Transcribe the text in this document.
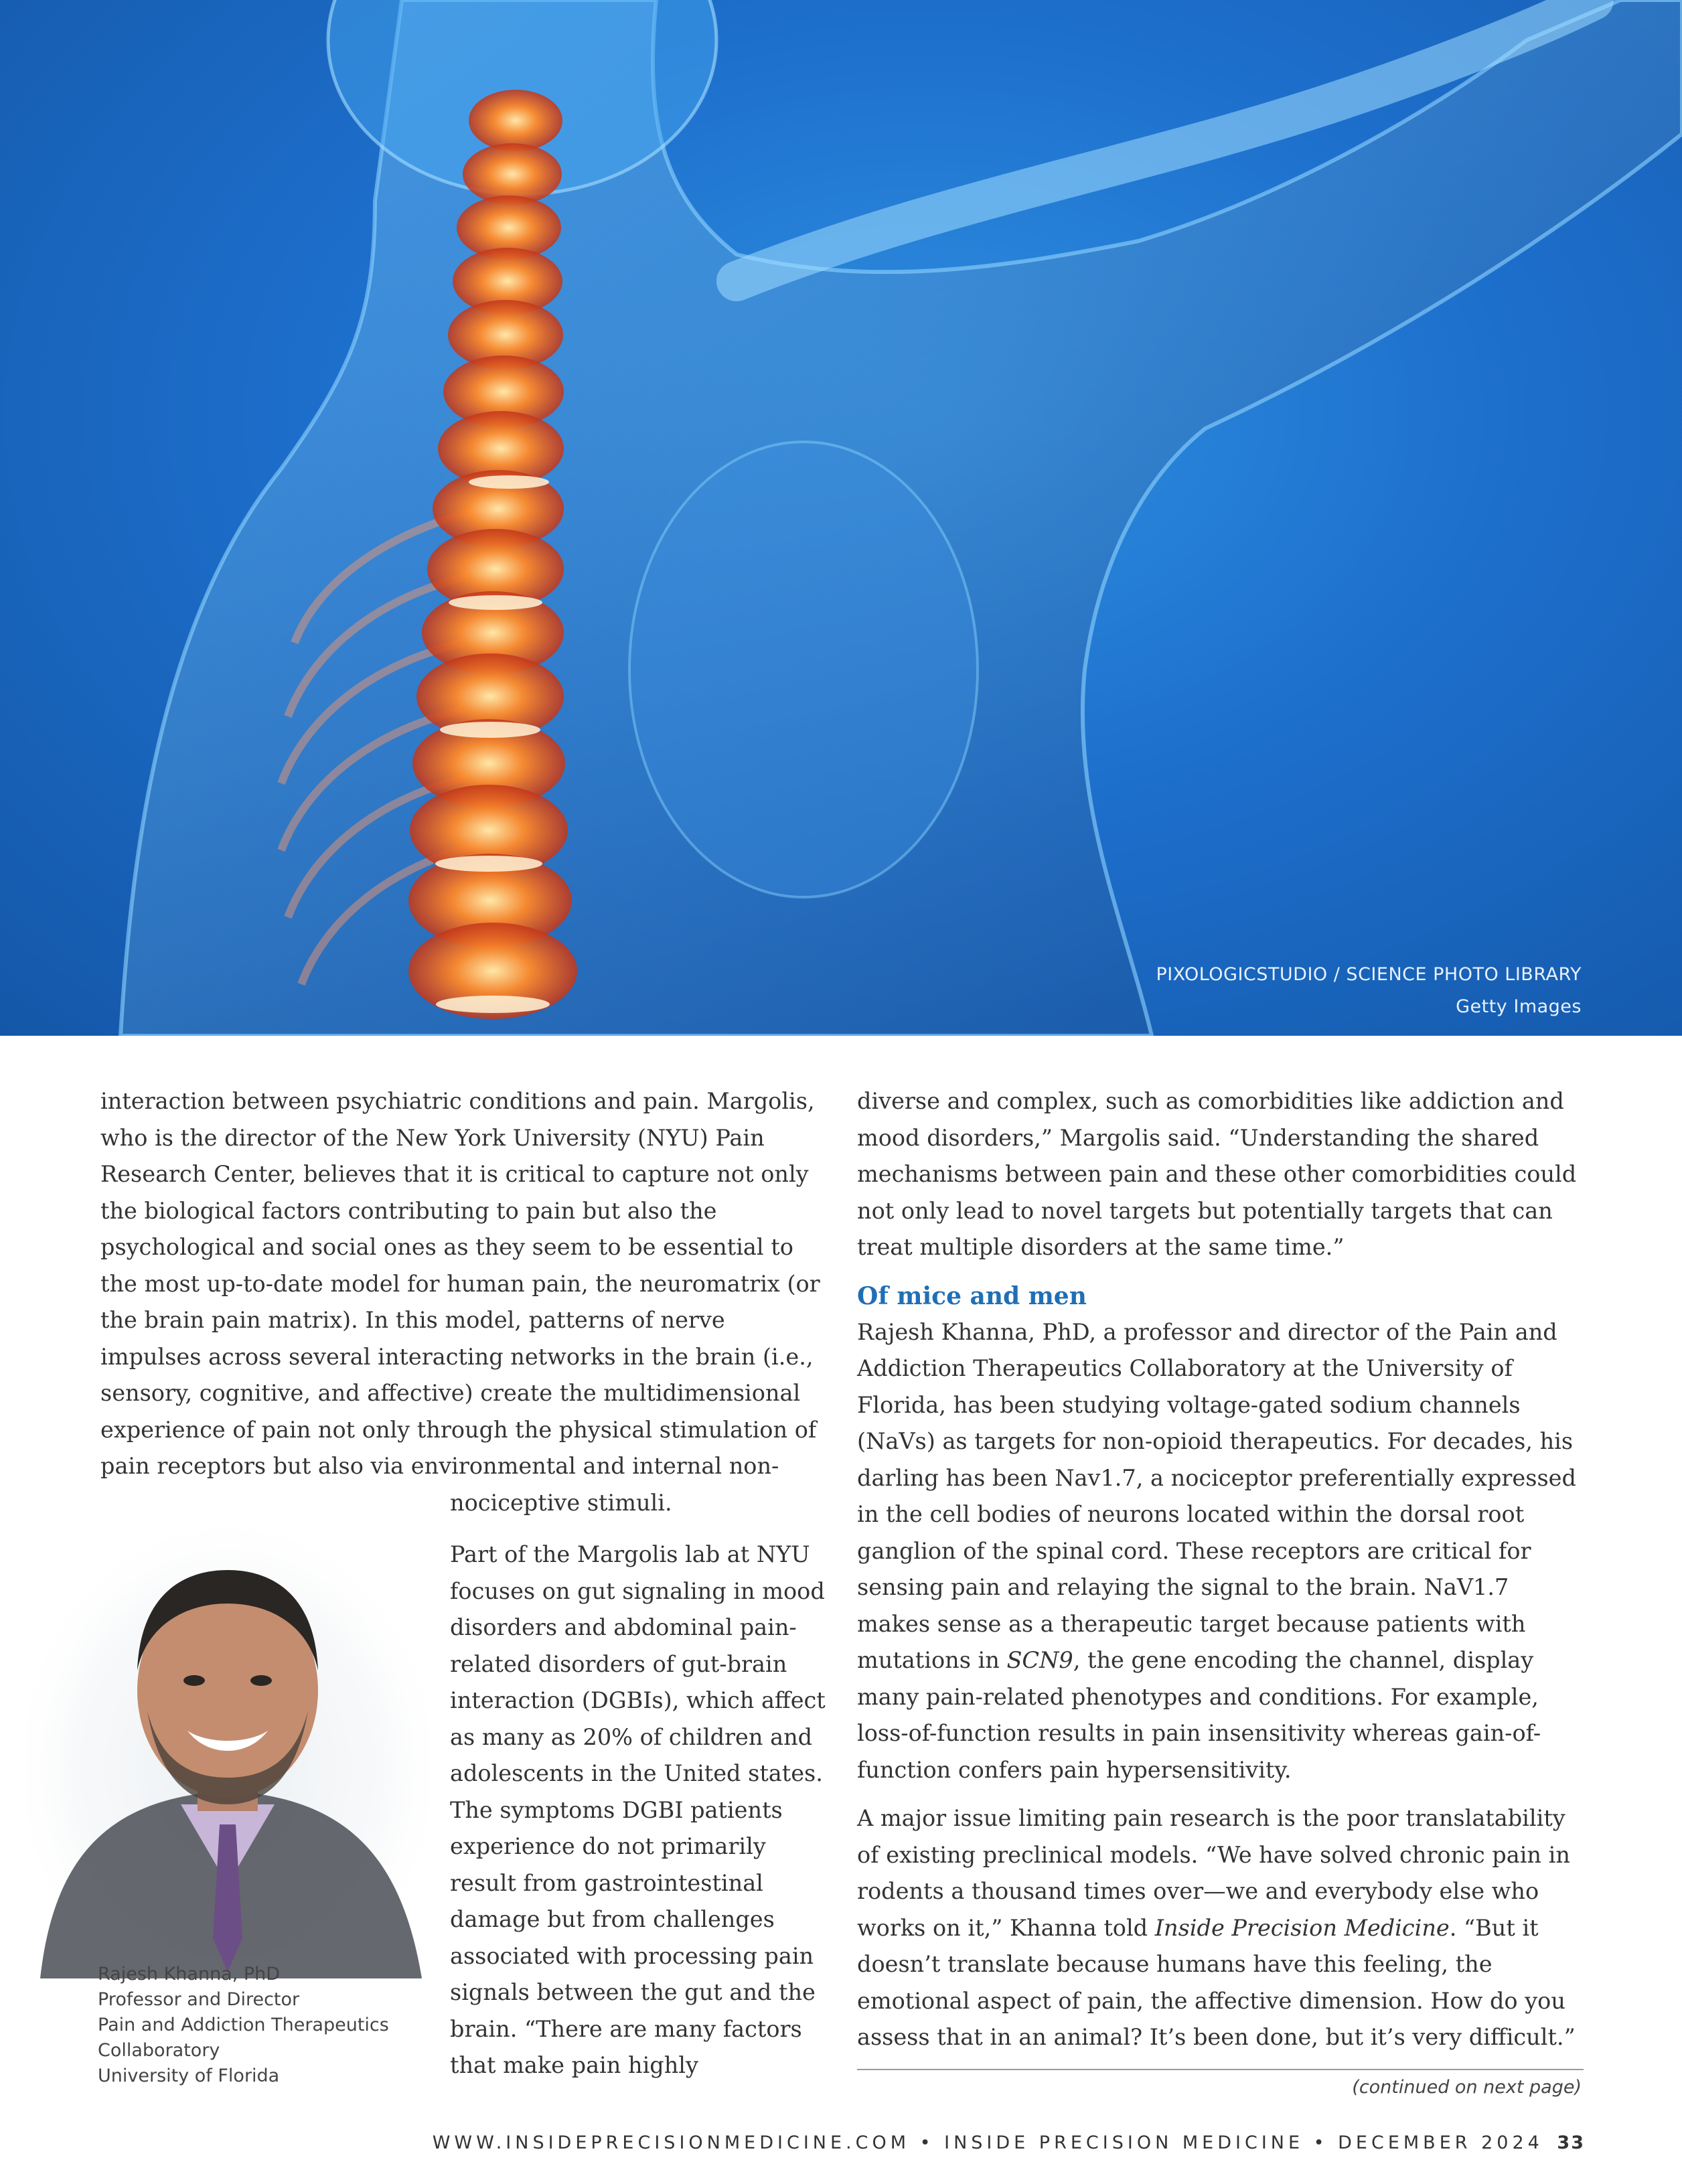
PIXOLOGICSTUDIO / SCIENCE PHOTO LIBRARY
Getty Images

interaction between psychiatric conditions and pain. Margolis, who is the director of the New York University (NYU) Pain Research Center, believes that it is critical to capture not only the biological factors contributing to pain but also the psychological and social ones as they seem to be essential to the most up-to-date model for human pain, the neuromatrix (or the brain pain matrix). In this model, patterns of nerve impulses across several interacting networks in the brain (i.e., sensory, cognitive, and affective) create the multidimensional experience of pain not only through the physical stimulation of pain receptors but also via environmental and internal non-

nociceptive stimuli.

Part of the Margolis lab at NYU focuses on gut signaling in mood disorders and abdominal pain-related disorders of gut-brain interaction (DGBIs), which affect as many as 20% of children and adolescents in the United states. The symptoms DGBI patients experience do not primarily result from gastrointestinal damage but from challenges associated with processing pain signals between the gut and the brain. “There are many factors that make pain highly

Rajesh Khanna, PhD
Professor and Director
Pain and Addiction Therapeutics
Collaboratory
University of Florida

diverse and complex, such as comorbidities like addiction and mood disorders,” Margolis said. “Understanding the shared mechanisms between pain and these other comorbidities could not only lead to novel targets but potentially targets that can treat multiple disorders at the same time.”

Of mice and men

Rajesh Khanna, PhD, a professor and director of the Pain and Addiction Therapeutics Collaboratory at the University of Florida, has been studying voltage-gated sodium channels (NaVs) as targets for non-opioid therapeutics. For decades, his darling has been Nav1.7, a nociceptor preferentially expressed in the cell bodies of neurons located within the dorsal root ganglion of the spinal cord. These receptors are critical for sensing pain and relaying the signal to the brain. NaV1.7 makes sense as a therapeutic target because patients with mutations in SCN9, the gene encoding the channel, display many pain-related phenotypes and conditions. For example, loss-of-function results in pain insensitivity whereas gain-of-function confers pain hypersensitivity.

A major issue limiting pain research is the poor translatability of existing preclinical models. “We have solved chronic pain in rodents a thousand times over—we and everybody else who works on it,” Khanna told Inside Precision Medicine. “But it doesn’t translate because humans have this feeling, the emotional aspect of pain, the affective dimension. How do you assess that in an animal? It’s been done, but it’s very difficult.”

(continued on next page)
WWW.INSIDEPRECISIONMEDICINE.COM • INSIDE PRECISION MEDICINE • DECEMBER 2024 33
